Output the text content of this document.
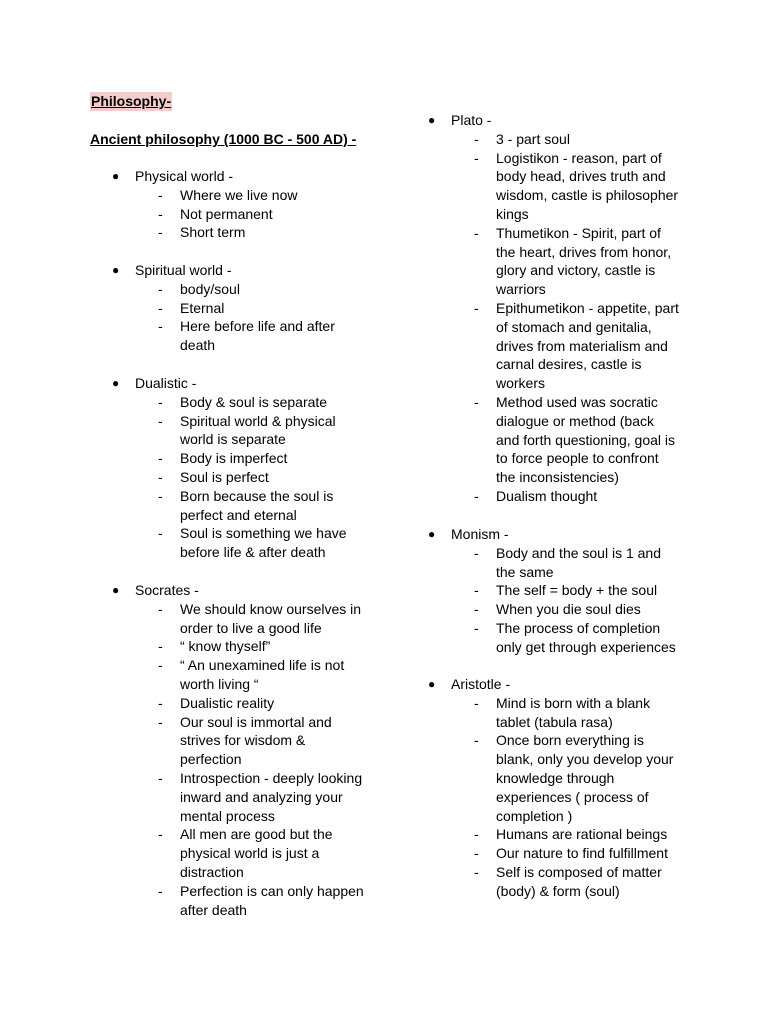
Philosophy-
Ancient philosophy (1000 BC - 500 AD) -
● Physical world -
- Where we live now
- Not permanent
- Short term
● Spiritual world -
- body/soul
- Eternal
- Here before life and after death
● Dualistic -
- Body & soul is separate
- Spiritual world & physical world is separate
- Body is imperfect
- Soul is perfect
- Born because the soul is perfect and eternal
- Soul is something we have before life & after death
● Socrates -
- We should know ourselves in order to live a good life
- “ know thyself”
- “ An unexamined life is not worth living “
- Dualistic reality
- Our soul is immortal and strives for wisdom & perfection
- Introspection - deeply looking inward and analyzing your mental process
- All men are good but the physical world is just a distraction
- Perfection is can only happen after death
● Plato -
- 3 - part soul
- Logistikon - reason, part of body head, drives truth and wisdom, castle is philosopher kings
- Thumetikon - Spirit, part of the heart, drives from honor, glory and victory, castle is warriors
- Epithumetikon - appetite, part of stomach and genitalia, drives from materialism and carnal desires, castle is workers
- Method used was socratic dialogue or method (back and forth questioning, goal is to force people to confront the inconsistencies)
- Dualism thought
● Monism -
- Body and the soul is 1 and the same
- The self = body + the soul
- When you die soul dies
- The process of completion only get through experiences
● Aristotle -
- Mind is born with a blank tablet (tabula rasa)
- Once born everything is blank, only you develop your knowledge through experiences ( process of completion )
- Humans are rational beings
- Our nature to find fulfillment
- Self is composed of matter (body) & form (soul)
